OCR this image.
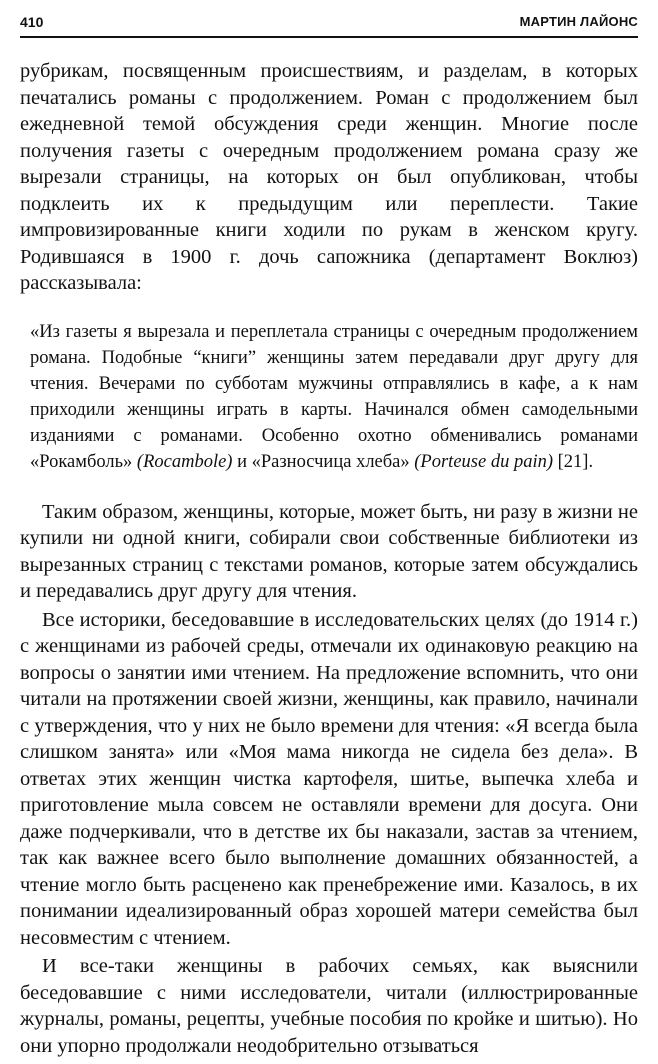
410	МАРТИН ЛАЙОНС

рубрикам, посвященным происшествиям, и разделам, в которых печатались романы с продолжением. Роман с продолжением был ежедневной темой обсуждения среди женщин. Многие после получения газеты с очередным продолжением романа сразу же вырезали страницы, на которых он был опубликован, чтобы подклеить их к предыдущим или переплести. Такие импровизированные книги ходили по рукам в женском кругу. Родившаяся в 1900 г. дочь сапожника (департамент Воклюз) рассказывала:

«Из газеты я вырезала и переплетала страницы с очередным продолжением романа. Подобные “книги” женщины затем передавали друг другу для чтения. Вечерами по субботам мужчины отправлялись в кафе, а к нам приходили женщины играть в карты. Начинался обмен самодельными изданиями с романами. Особенно охотно обменивались романами «Рокамболь» (Rocambole) и «Разносчица хлеба» (Porteuse du pain) [21].

Таким образом, женщины, которые, может быть, ни разу в жизни не купили ни одной книги, собирали свои собственные библиотеки из вырезанных страниц с текстами романов, которые затем обсуждались и передавались друг другу для чтения.

Все историки, беседовавшие в исследовательских целях (до 1914 г.) с женщинами из рабочей среды, отмечали их одинаковую реакцию на вопросы о занятии ими чтением. На предложение вспомнить, что они читали на протяжении своей жизни, женщины, как правило, начинали с утверждения, что у них не было времени для чтения: «Я всегда была слишком занята» или «Моя мама никогда не сидела без дела». В ответах этих женщин чистка картофеля, шитье, выпечка хлеба и приготовление мыла совсем не оставляли времени для досуга. Они даже подчеркивали, что в детстве их бы наказали, застав за чтением, так как важнее всего было выполнение домашних обязанностей, а чтение могло быть расценено как пренебрежение ими. Казалось, в их понимании идеализированный образ хорошей матери семейства был несовместим с чтением.

И все-таки женщины в рабочих семьях, как выяснили беседовавшие с ними исследователи, читали (иллюстрированные журналы, романы, рецепты, учебные пособия по кройке и шитью). Но они упорно продолжали неодобрительно отзываться
